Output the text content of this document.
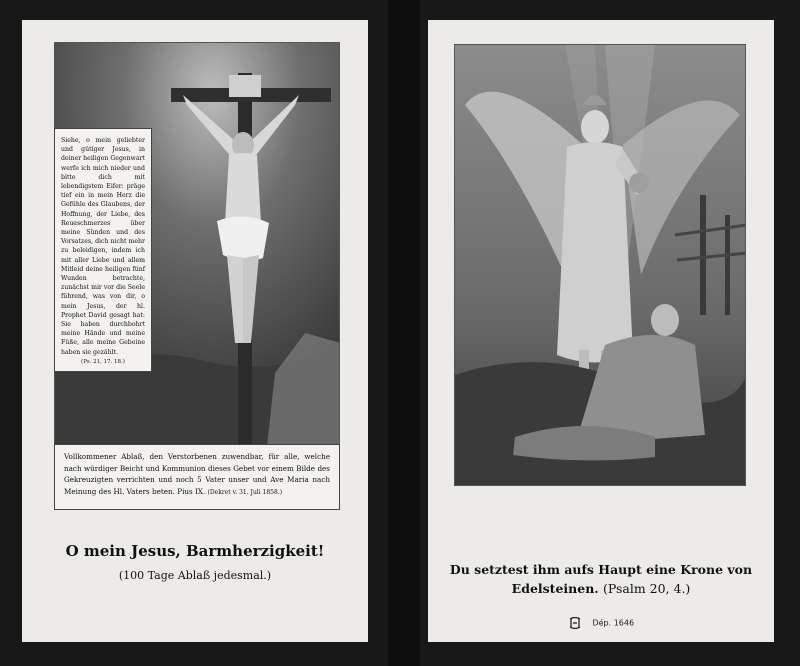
Siehe, o mein geliebter und gütiger Jesus, in deiner heiligen Gegenwart werfe ich mich nieder und bitte dich mit lebendigstem Eifer: präge tief ein in mein Herz die Gefühle des Glaubens, der Hoffnung, der Liebe, des Reueschmerzes über meine Sünden und des Vorsatzes, dich nicht mehr zu beleidigen, indem ich mit aller Liebe und allem Mitleid deine heiligen fünf Wunden betrachte, zunächst mir vor die Seele führend, was von dir, o mein Jesus, der hl. Prophet David gesagt hat: Sie haben durchbohrt meine Hände und meine Füße, alle meine Gebeine haben sie gezählt.
(Ps. 21, 17. 18.)
Vollkommener Ablaß, den Verstorbenen zuwendbar, für alle, welche nach würdiger Beicht und Kommunion dieses Gebet vor einem Bilde des Gekreuzigten verrichten und noch 5 Vater unser und Ave Maria nach Meinung des Hl. Vaters beten. Pius IX. (Dekret v. 31. Juli 1858.)
O mein Jesus, Barmherzigkeit!
(100 Tage Ablaß jedesmal.)	Du setztest ihm aufs Haupt eine Krone von Edelsteinen. (Psalm 20, 4.)
Dép. 1646
